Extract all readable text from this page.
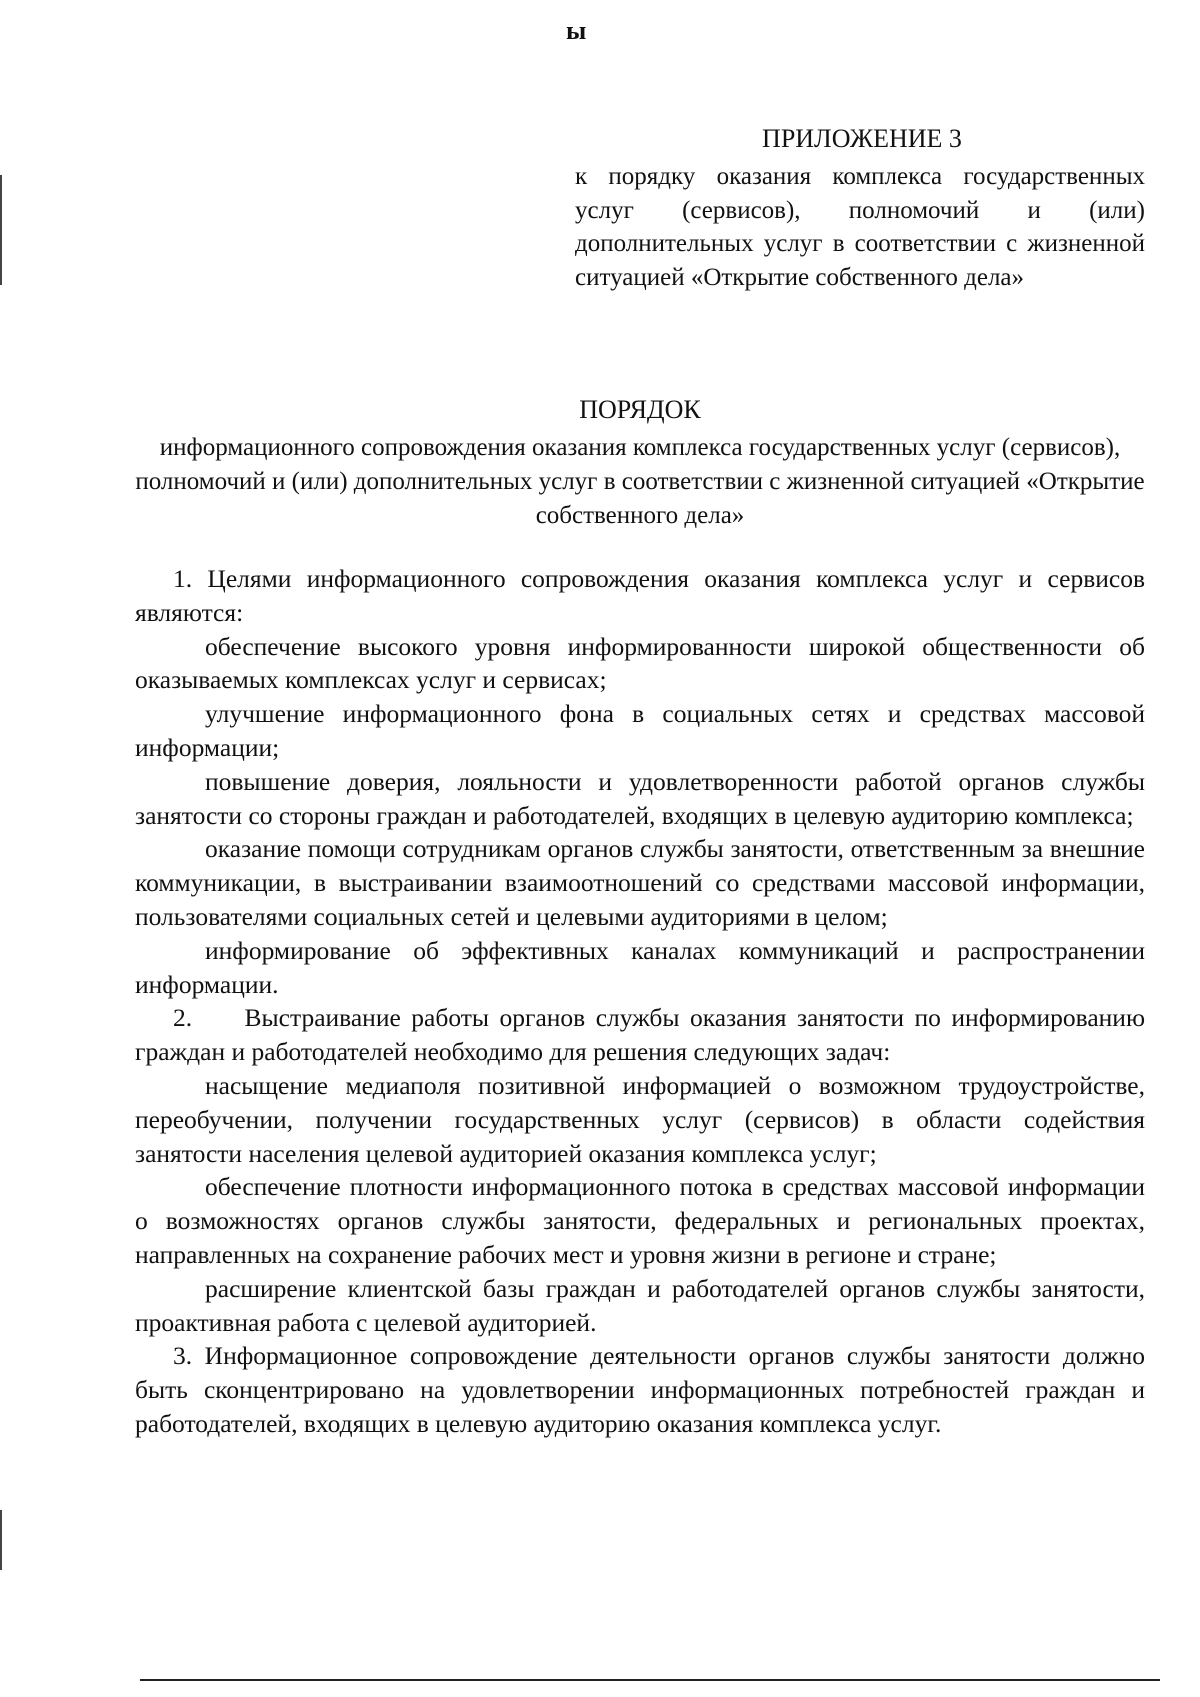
ы

ПРИЛОЖЕНИЕ 3

к порядку оказания комплекса государственных услуг (сервисов), полномочий и (или) дополнительных услуг в соответствии с жизненной ситуацией «Открытие собственного дела»

ПОРЯДОК

информационного сопровождения оказания комплекса государственных услуг (сервисов), полномочий и (или) дополнительных услуг в соответствии с жизненной ситуацией «Открытие собственного дела»

1. Целями информационного сопровождения оказания комплекса услуг и сервисов являются:

обеспечение высокого уровня информированности широкой общественности об оказываемых комплексах услуг и сервисах;

улучшение информационного фона в социальных сетях и средствах массовой информации;

повышение доверия, лояльности и удовлетворенности работой органов службы занятости со стороны граждан и работодателей, входящих в целевую аудиторию комплекса;

оказание помощи сотрудникам органов службы занятости, ответственным за внешние коммуникации, в выстраивании взаимоотношений со средствами массовой информации, пользователями социальных сетей и целевыми аудиториями в целом;

информирование об эффективных каналах коммуникаций и распространении информации.

2.     Выстраивание работы органов службы оказания занятости по информированию граждан и работодателей необходимо для решения следующих задач:

насыщение медиаполя позитивной информацией о возможном трудоустройстве, переобучении, получении государственных услуг (сервисов) в области содействия занятости населения целевой аудиторией оказания комплекса услуг;

обеспечение плотности информационного потока в средствах массовой информации о возможностях органов службы занятости, федеральных и региональных проектах, направленных на сохранение рабочих мест и уровня жизни в регионе и стране;

расширение клиентской базы граждан и работодателей органов службы занятости, проактивная работа с целевой аудиторией.

3. Информационное сопровождение деятельности органов службы занятости должно быть сконцентрировано на удовлетворении информационных потребностей граждан и работодателей, входящих в целевую аудиторию оказания комплекса услуг.
